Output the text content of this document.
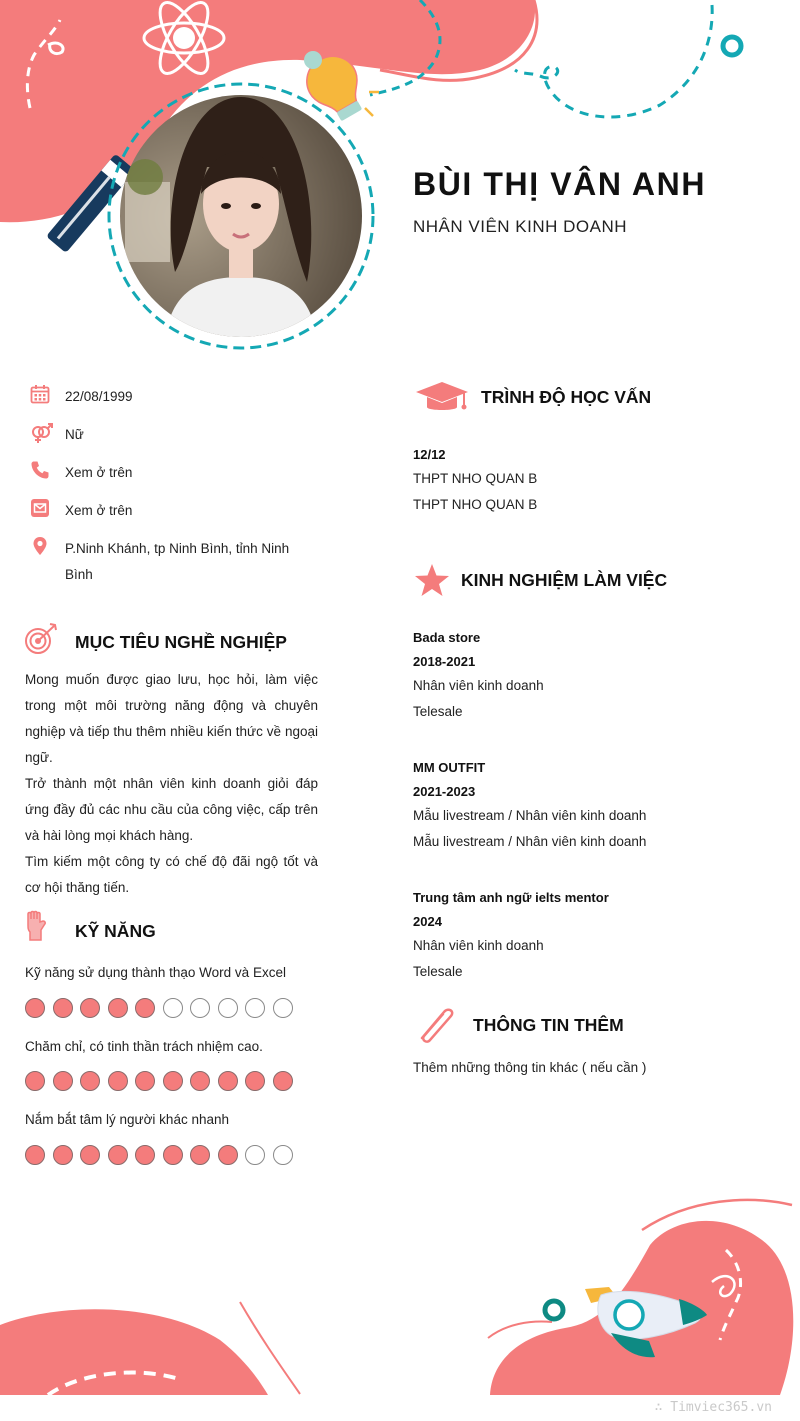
BÙI THỊ VÂN ANH
NHÂN VIÊN KINH DOANH
22/08/1999
Nữ
Xem ở trên
Xem ở trên
P.Ninh Khánh, tp Ninh Bình, tỉnh Ninh Bình
MỤC TIÊU NGHỀ NGHIỆP

Mong muốn được giao lưu, học hỏi, làm việc trong một môi trường năng động và chuyên nghiệp và tiếp thu thêm nhiều kiến thức về ngoại ngữ.

Trở thành một nhân viên kinh doanh giỏi đáp ứng đầy đủ các nhu cầu của công việc, cấp trên và hài lòng mọi khách hàng.

Tìm kiếm một công ty có chế độ đãi ngộ tốt và cơ hội thăng tiến.

KỸ NĂNG
Kỹ năng sử dụng thành thạo Word và Excel
Chăm chỉ, có tinh thần trách nhiệm cao.
Nắm bắt tâm lý người khác nhanh
TRÌNH ĐỘ HỌC VẤN
12/12
THPT NHO QUAN B
THPT NHO QUAN B
KINH NGHIỆM LÀM VIỆC
Bada store
2018-2021
Nhân viên kinh doanh
Telesale
MM OUTFIT
2021-2023
Mẫu livestream / Nhân viên kinh doanh
Mẫu livestream / Nhân viên kinh doanh
Trung tâm anh ngữ ielts mentor
2024
Nhân viên kinh doanh
Telesale
THÔNG TIN THÊM
Thêm những thông tin khác ( nếu cần )
∴ Timviec365.vn
